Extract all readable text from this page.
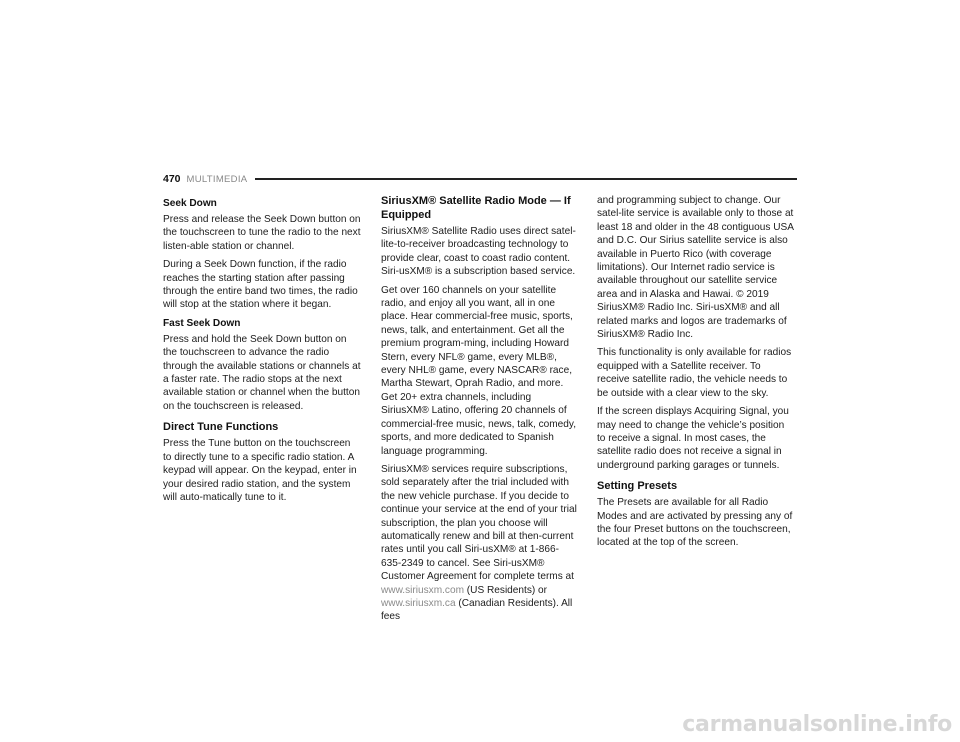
470 MULTIMEDIA
Seek Down

Press and release the Seek Down button on the touchscreen to tune the radio to the next listen-able station or channel.

During a Seek Down function, if the radio reaches the starting station after passing through the entire band two times, the radio will stop at the station where it began.

Fast Seek Down

Press and hold the Seek Down button on the touchscreen to advance the radio through the available stations or channels at a faster rate. The radio stops at the next available station or channel when the button on the touchscreen is released.

Direct Tune Functions

Press the Tune button on the touchscreen to directly tune to a specific radio station. A keypad will appear. On the keypad, enter in your desired radio station, and the system will auto-matically tune to it.

SiriusXM® Satellite Radio Mode — If Equipped

SiriusXM® Satellite Radio uses direct satel-lite-to-receiver broadcasting technology to provide clear, coast to coast radio content. Siri-usXM® is a subscription based service.

Get over 160 channels on your satellite radio, and enjoy all you want, all in one place. Hear commercial-free music, sports, news, talk, and entertainment. Get all the premium program-ming, including Howard Stern, every NFL® game, every MLB®, every NHL® game, every NASCAR® race, Martha Stewart, Oprah Radio, and more. Get 20+ extra channels, including SiriusXM® Latino, offering 20 channels of commercial-free music, news, talk, comedy, sports, and more dedicated to Spanish language programming.

SiriusXM® services require subscriptions, sold separately after the trial included with the new vehicle purchase. If you decide to continue your service at the end of your trial subscription, the plan you choose will automatically renew and bill at then-current rates until you call Siri-usXM® at 1-866-635-2349 to cancel. See Siri-usXM® Customer Agreement for complete terms at www.siriusxm.com (US Residents) or www.siriusxm.ca (Canadian Residents). All fees

and programming subject to change. Our satel-lite service is available only to those at least 18 and older in the 48 contiguous USA and D.C. Our Sirius satellite service is also available in Puerto Rico (with coverage limitations). Our Internet radio service is available throughout our satellite service area and in Alaska and Hawai. © 2019 SiriusXM® Radio Inc. Siri-usXM® and all related marks and logos are trademarks of SiriusXM® Radio Inc.

This functionality is only available for radios equipped with a Satellite receiver. To receive satellite radio, the vehicle needs to be outside with a clear view to the sky.

If the screen displays Acquiring Signal, you may need to change the vehicle’s position to receive a signal. In most cases, the satellite radio does not receive a signal in underground parking garages or tunnels.

Setting Presets

The Presets are available for all Radio Modes and are activated by pressing any of the four Preset buttons on the touchscreen, located at the top of the screen.

carmanualsonline.info
